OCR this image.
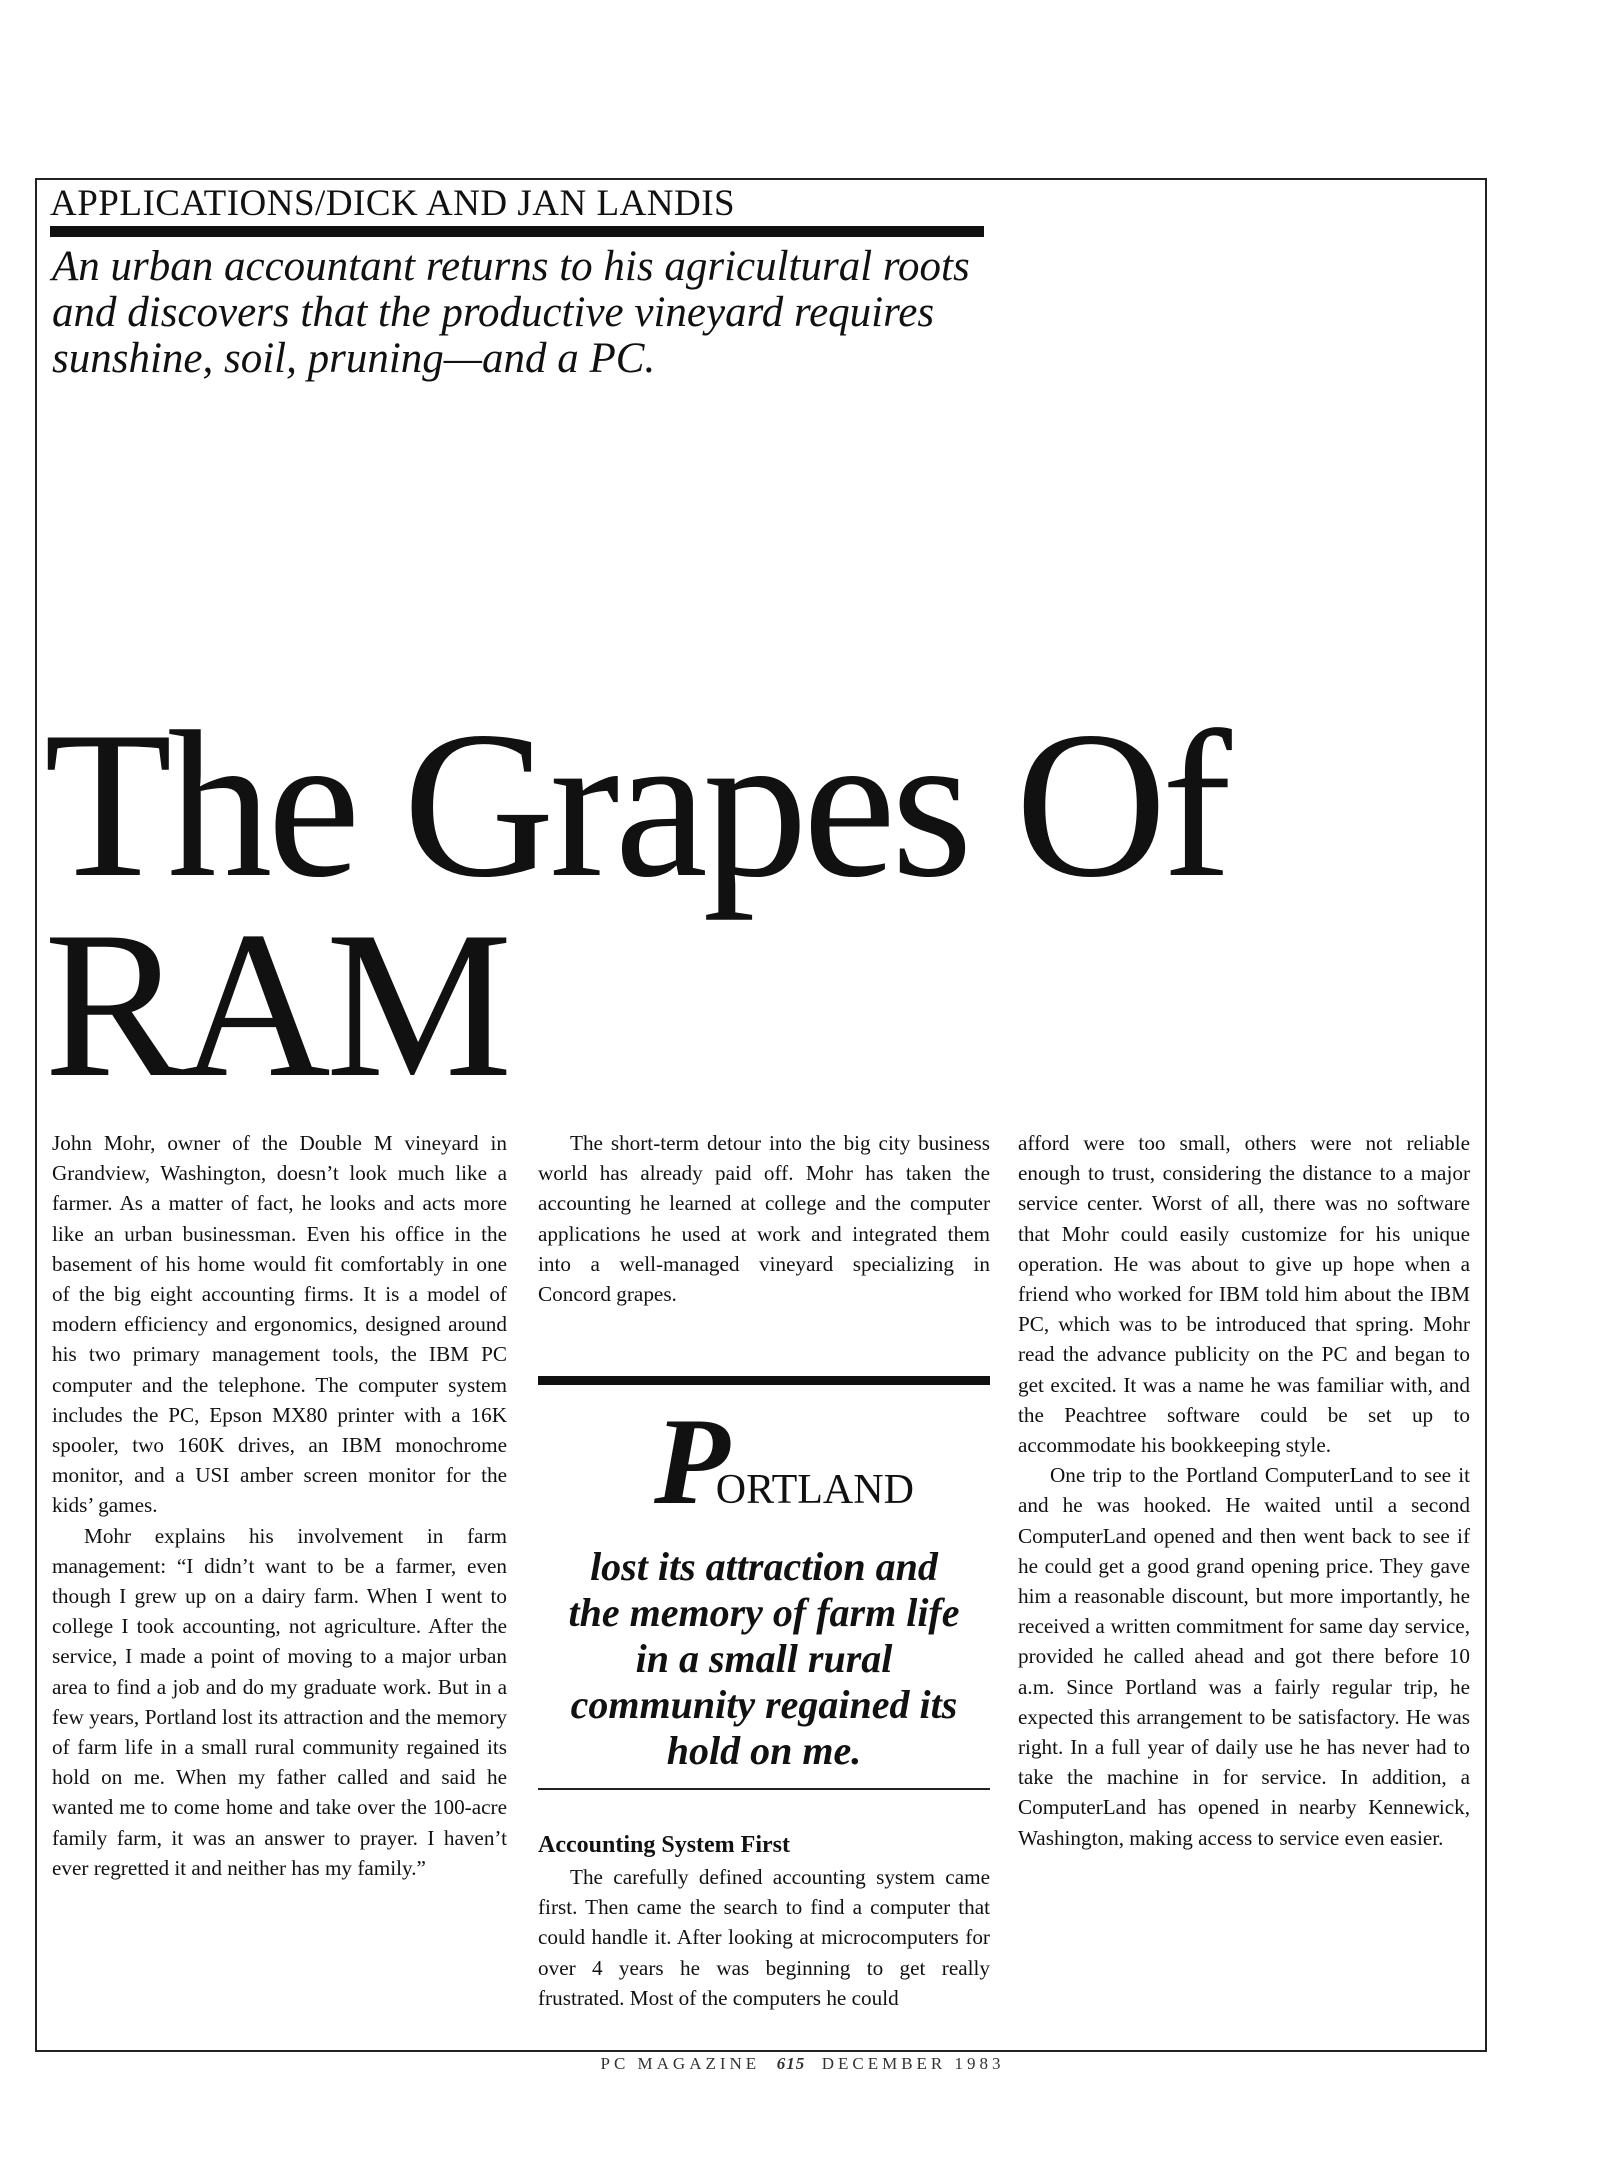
APPLICATIONS/DICK AND JAN LANDIS
An urban accountant returns to his agricultural roots
and discovers that the productive vineyard requires
sunshine, soil, pruning—and a PC.
The Grapes Of
RAM

John Mohr, owner of the Double M vineyard in Grandview, Washington, doesn’t look much like a farmer. As a matter of fact, he looks and acts more like an urban businessman. Even his office in the basement of his home would fit comfortably in one of the big eight accounting firms. It is a model of modern efficiency and ergonomics, designed around his two primary management tools, the IBM PC computer and the telephone. The computer system includes the PC, Epson MX80 printer with a 16K spooler, two 160K drives, an IBM monochrome monitor, and a USI amber screen monitor for the kids’ games.

Mohr explains his involvement in farm management: “I didn’t want to be a farmer, even though I grew up on a dairy farm. When I went to college I took accounting, not agriculture. After the service, I made a point of moving to a major urban area to find a job and do my graduate work. But in a few years, Portland lost its attraction and the memory of farm life in a small rural community regained its hold on me. When my father called and said he wanted me to come home and take over the 100-acre family farm, it was an answer to prayer. I haven’t ever regretted it and neither has my family.”

The short-term detour into the big city business world has already paid off. Mohr has taken the accounting he learned at college and the computer applications he used at work and integrated them into a well-managed vineyard specializing in Concord grapes.

PORTLAND
lost its attraction and
the memory of farm life
in a small rural
community regained its
hold on me.

Accounting System First

The carefully defined accounting system came first. Then came the search to find a computer that could handle it. After looking at microcomputers for over 4 years he was beginning to get really frustrated. Most of the computers he could

afford were too small, others were not reliable enough to trust, considering the distance to a major service center. Worst of all, there was no software that Mohr could easily customize for his unique operation. He was about to give up hope when a friend who worked for IBM told him about the IBM PC, which was to be introduced that spring. Mohr read the advance publicity on the PC and began to get excited. It was a name he was familiar with, and the Peachtree software could be set up to accommodate his bookkeeping style.

One trip to the Portland ComputerLand to see it and he was hooked. He waited until a second ComputerLand opened and then went back to see if he could get a good grand opening price. They gave him a reasonable discount, but more importantly, he received a written commitment for same day service, provided he called ahead and got there before 10 a.m. Since Portland was a fairly regular trip, he expected this arrangement to be satisfactory. He was right. In a full year of daily use he has never had to take the machine in for service. In addition, a ComputerLand has opened in nearby Kennewick, Washington, making access to service even easier.

PC MAGAZINE 615 DECEMBER 1983
